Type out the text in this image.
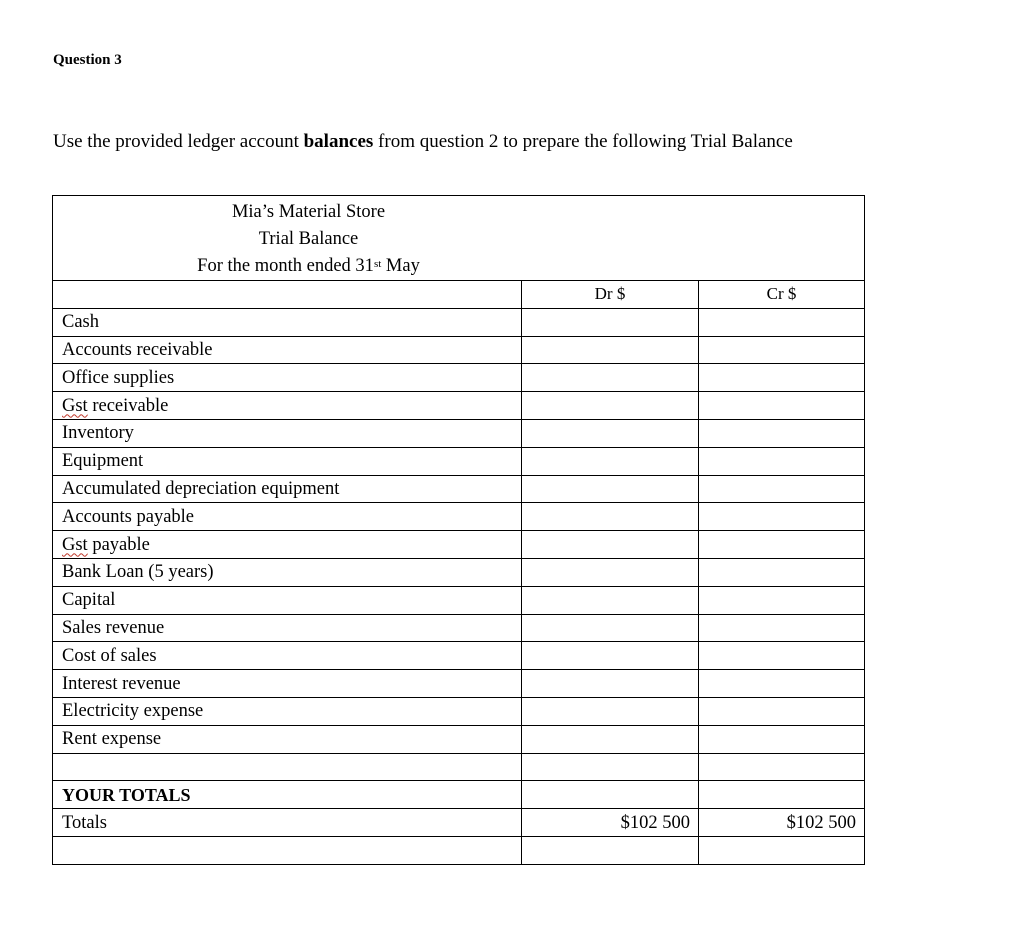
Question 3
Use the provided ledger account balances from question 2 to prepare the following Trial Balance
Mia’s Material Store
Trial Balance
For the month ended 31st May		

	Dr $	Cr $
Cash		
Accounts receivable		
Office supplies		
Gst receivable		
Inventory		
Equipment		
Accumulated depreciation equipment		
Accounts payable		
Gst payable		
Bank Loan (5 years)		
Capital		
Sales revenue		
Cost of sales		
Interest revenue		
Electricity expense		
Rent expense		

YOUR TOTALS		
Totals	$102 500	$102 500
